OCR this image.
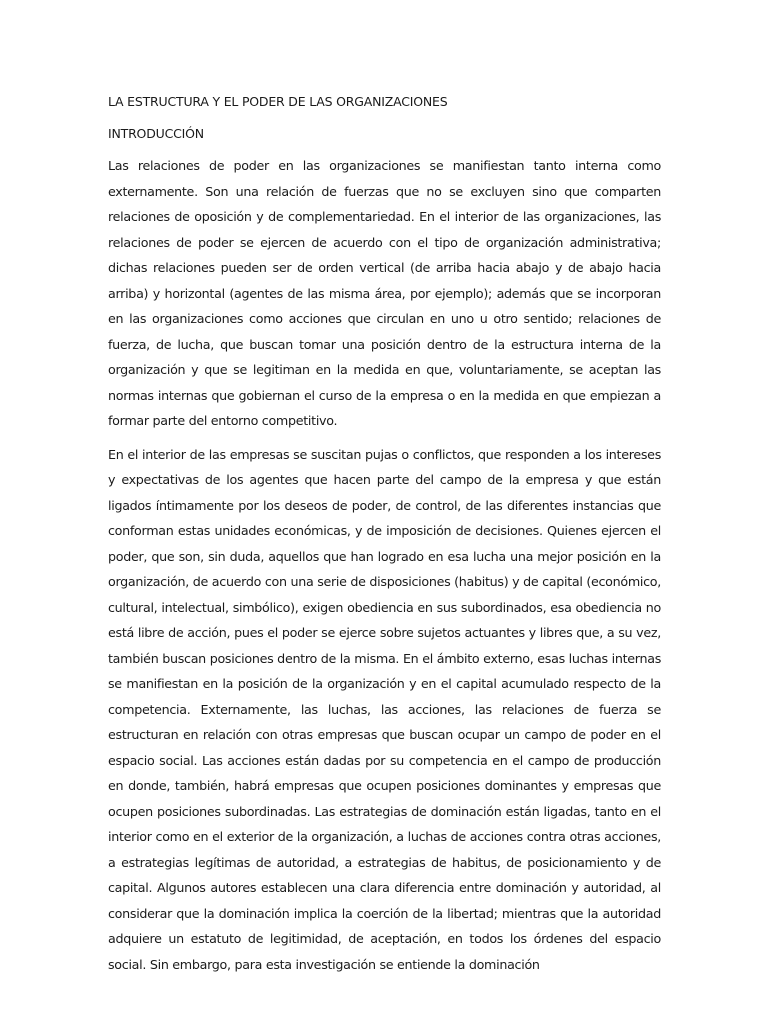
LA ESTRUCTURA Y EL PODER DE LAS ORGANIZACIONES
INTRODUCCIÓN

Las relaciones de poder en las organizaciones se manifiestan tanto interna como externamente. Son una relación de fuerzas que no se excluyen sino que comparten relaciones de oposición y de complementariedad. En el interior de las organizaciones, las relaciones de poder se ejercen de acuerdo con el tipo de organización administrativa; dichas relaciones pueden ser de orden vertical (de arriba hacia abajo y de abajo hacia arriba) y horizontal (agentes de las misma área, por ejemplo); además que se incorporan en las organizaciones como acciones que circulan en uno u otro sentido; relaciones de fuerza, de lucha, que buscan tomar una posición dentro de la estructura interna de la organización y que se legitiman en la medida en que, voluntariamente, se aceptan las normas internas que gobiernan el curso de la empresa o en la medida en que empiezan a formar parte del entorno competitivo.

En el interior de las empresas se suscitan pujas o conflictos, que responden a los intereses y expectativas de los agentes que hacen parte del campo de la empresa y que están ligados íntimamente por los deseos de poder, de control, de las diferentes instancias que conforman estas unidades económicas, y de imposición de decisiones. Quienes ejercen el poder, que son, sin duda, aquellos que han logrado en esa lucha una mejor posición en la organización, de acuerdo con una serie de disposiciones (habitus) y de capital (económico, cultural, intelectual, simbólico), exigen obediencia en sus subordinados, esa obediencia no está libre de acción, pues el poder se ejerce sobre sujetos actuantes y libres que, a su vez, también buscan posiciones dentro de la misma. En el ámbito externo, esas luchas internas se manifiestan en la posición de la organización y en el capital acumulado respecto de la competencia. Externamente, las luchas, las acciones, las relaciones de fuerza se estructuran en relación con otras empresas que buscan ocupar un campo de poder en el espacio social. Las acciones están dadas por su competencia en el campo de producción en donde, también, habrá empresas que ocupen posiciones dominantes y empresas que ocupen posiciones subordinadas. Las estrategias de dominación están ligadas, tanto en el interior como en el exterior de la organización, a luchas de acciones contra otras acciones, a estrategias legítimas de autoridad, a estrategias de habitus, de posicionamiento y de capital. Algunos autores establecen una clara diferencia entre dominación y autoridad, al considerar que la dominación implica la coerción de la libertad; mientras que la autoridad adquiere un estatuto de legitimidad, de aceptación, en todos los órdenes del espacio social. Sin embargo, para esta investigación se entiende la dominación
